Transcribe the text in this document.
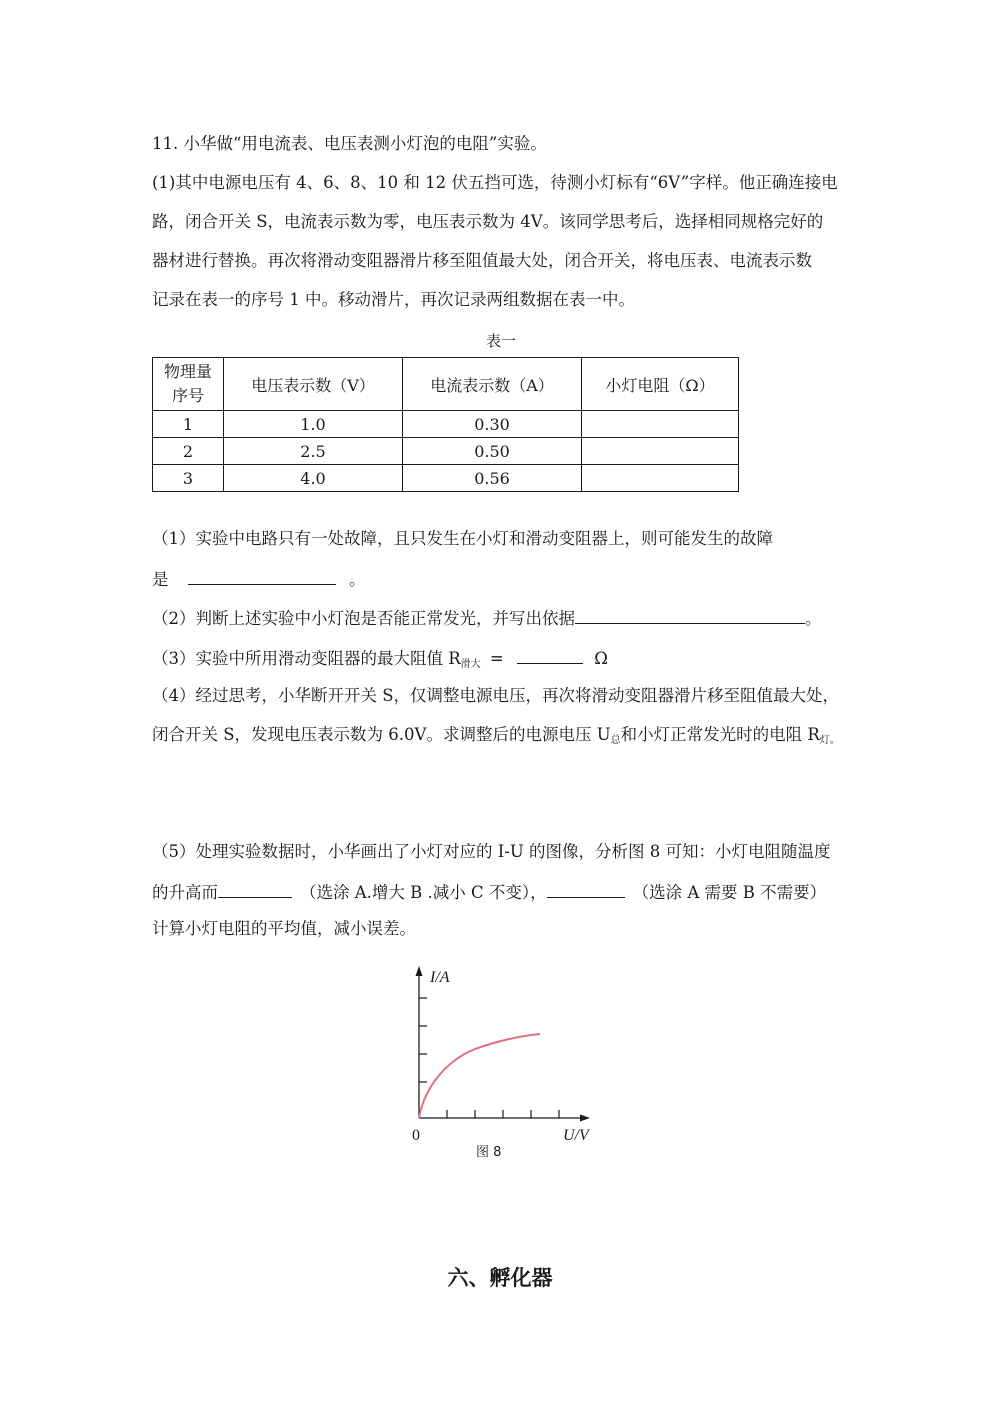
11. 小华做“用电流表、电压表测小灯泡的电阻”实验。
(1)其中电源电压有 4、6、8、10 和 12 伏五挡可选，待测小灯标有“6V”字样。他正确连接电
路，闭合开关 S，电流表示数为零，电压表示数为 4V。该同学思考后，选择相同规格完好的
器材进行替换。再次将滑动变阻器滑片移至阻值最大处，闭合开关，将电压表、电流表示数
记录在表一的序号 1 中。移动滑片，再次记录两组数据在表一中。
表一
物理量
序号	电压表示数（V）	电流表示数（A）	小灯电阻（Ω）
1	1.0	0.30	
2	2.5	0.50	
3	4.0	0.56	
（1）实验中电路只有一处故障，且只发生在小灯和滑动变阻器上，则可能发生的故障
是	。
（2）判断上述实验中小灯泡是否能正常发光，并写出依据	。
（3）实验中所用滑动变阻器的最大阻值 $R_{滑大}$ =	Ω
（4）经过思考，小华断开开关 S，仅调整电源电压，再次将滑动变阻器滑片移至阻值最大处，
闭合开关 S，发现电压表示数为 6.0V。求调整后的电源电压 $U_总$和小灯正常发光时的电阻 $R_{灯。}$
（5）处理实验数据时，小华画出了小灯对应的 I-U 的图像，分析图 8 可知：小灯电阻随温度
的升高而	（选涂 A.增大 B .减小 C 不变），	（选涂 A 需要 B 不需要）
计算小灯电阻的平均值，减小误差。
I/A
0	U/V
图 8
六、孵化器
